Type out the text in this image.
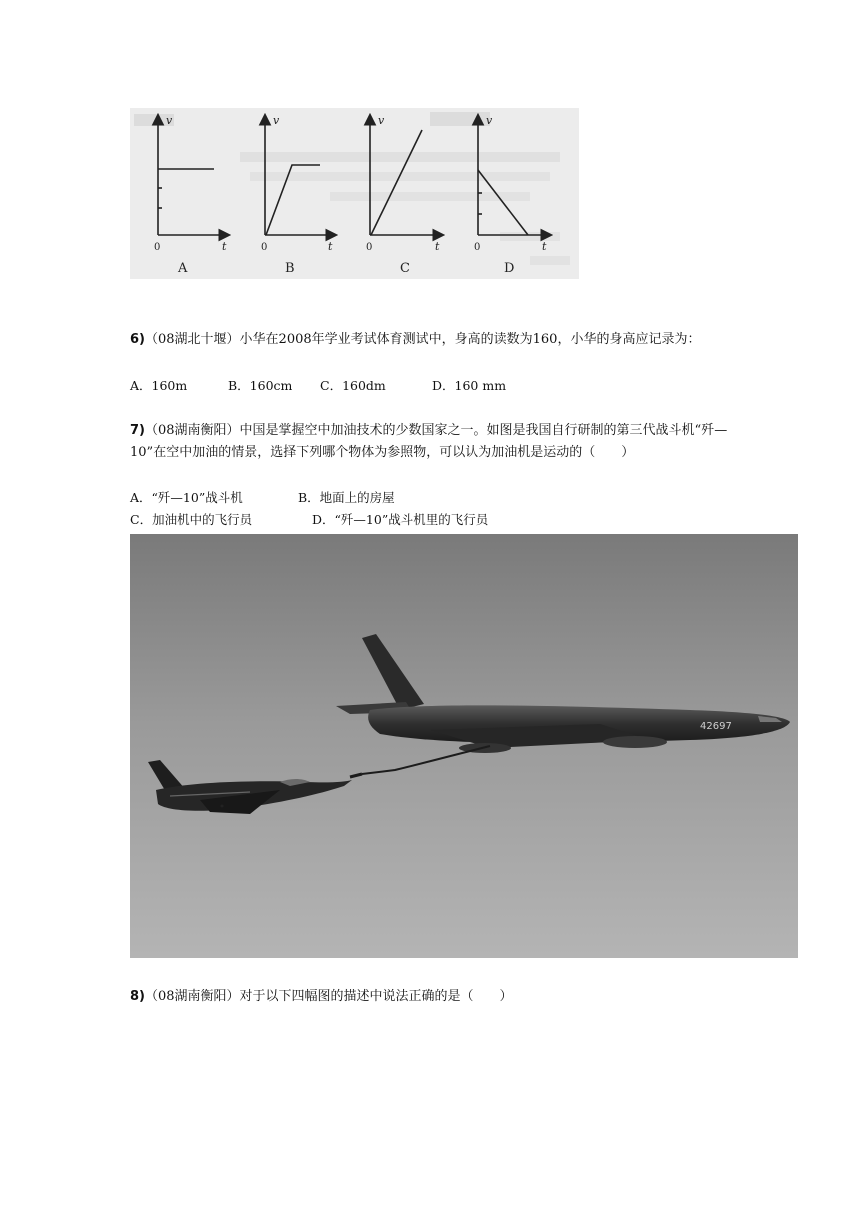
v
0	t
A
v
0	t
B
v
0	t
C
v
0	t
D
6)（08湖北十堰）小华在2008年学业考试体育测试中，身高的读数为160，小华的身高应记录为：

A．160m

	B．160cm

C．160dm

	D．160 mm

7)（08湖南衡阳）中国是掌握空中加油技术的少数国家之一。如图是我国自行研制的第三代战斗机“歼—10”在空中加油的情景，选择下列哪个物体为参照物，可以认为加油机是运动的（　　）

A．“歼—10”战斗机

	B．地面上的房屋

C．加油机中的飞行员

	D．“歼—10”战斗机里的飞行员

42697
8)（08湖南衡阳）对于以下四幅图的描述中说法正确的是（　　）
